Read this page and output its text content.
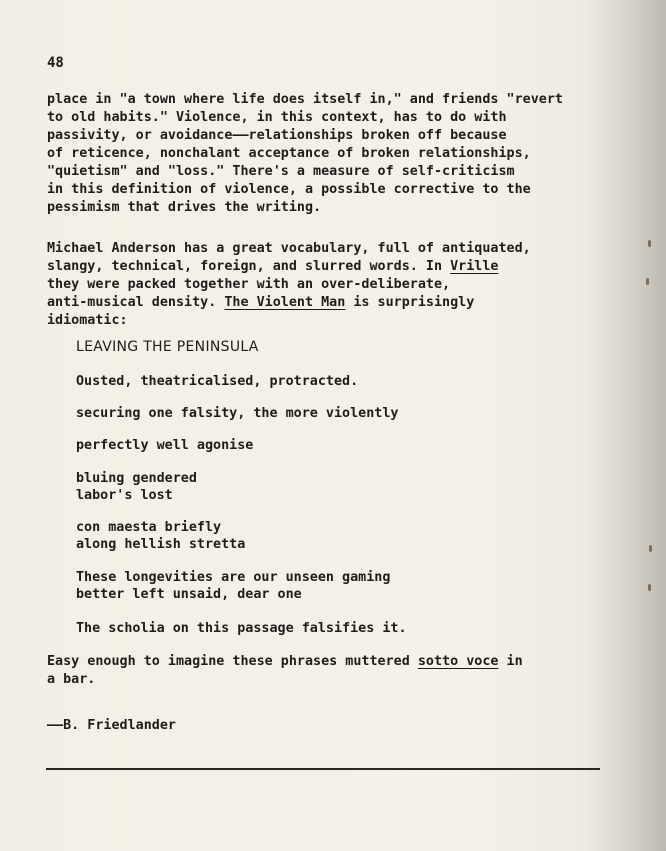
48
place in "a town where life does itself in," and friends "revert
to old habits." Violence, in this context, has to do with
passivity, or avoidance——relationships broken off because
of reticence, nonchalant acceptance of broken relationships,
"quietism" and "loss." There's a measure of self-criticism
in this definition of violence, a possible corrective to the
pessimism that drives the writing.
Michael Anderson has a great vocabulary, full of antiquated,
slangy, technical, foreign, and slurred words. In Vrille
they were packed together with an over-deliberate,
anti-musical density. The Violent Man is surprisingly
idiomatic:
LEAVING THE PENINSULA
Ousted, theatricalised, protracted.
securing one falsity, the more violently
perfectly well agonise
bluing gendered
labor's lost
con maesta briefly
along hellish stretta
These longevities are our unseen gaming
better left unsaid, dear one
The scholia on this passage falsifies it.
Easy enough to imagine these phrases muttered sotto voce in
a bar.
——B. Friedlander
